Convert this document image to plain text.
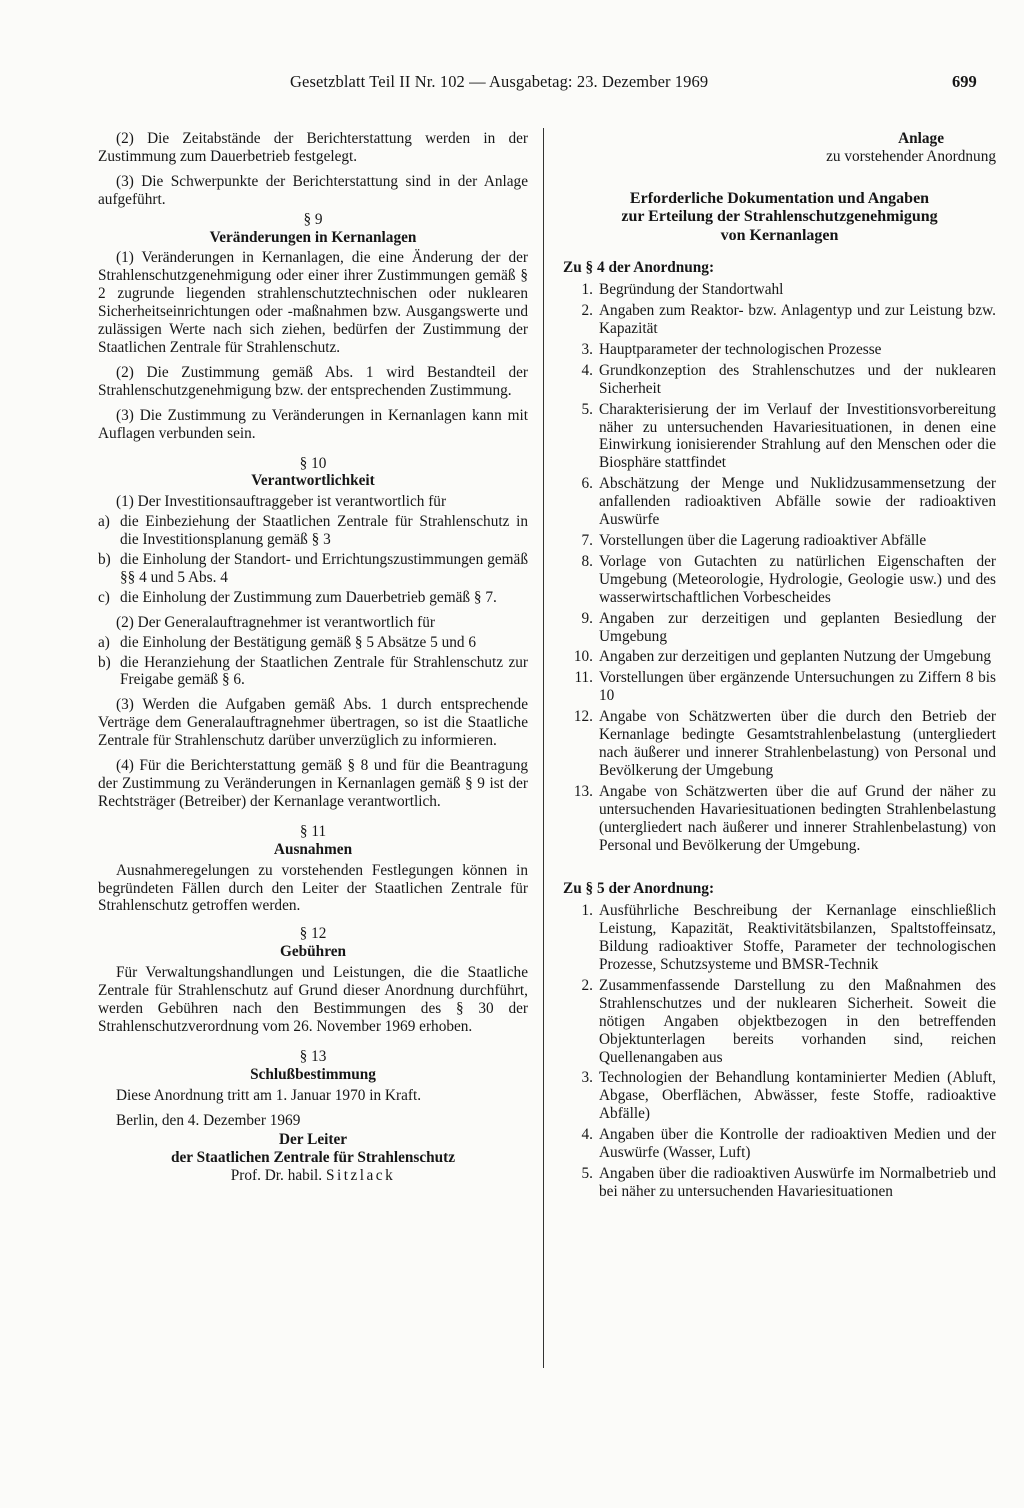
Gesetzblatt Teil II Nr. 102 — Ausgabetag: 23. Dezember 1969	699

(2) Die Zeitabstände der Berichterstattung werden in der Zustimmung zum Dauerbetrieb festgelegt.

(3) Die Schwerpunkte der Berichterstattung sind in der Anlage aufgeführt.

§ 9
Veränderungen in Kernanlagen

(1) Veränderungen in Kernanlagen, die eine Änderung der der Strahlenschutzgenehmigung oder einer ihrer Zustimmungen gemäß § 2 zugrunde liegenden strahlenschutztechnischen oder nuklearen Sicherheitseinrichtungen oder -maßnahmen bzw. Ausgangswerte und zulässigen Werte nach sich ziehen, bedürfen der Zustimmung der Staatlichen Zentrale für Strahlenschutz.

(2) Die Zustimmung gemäß Abs. 1 wird Bestandteil der Strahlenschutzgenehmigung bzw. der entsprechenden Zustimmung.

(3) Die Zustimmung zu Veränderungen in Kernanlagen kann mit Auflagen verbunden sein.

§ 10
Verantwortlichkeit

(1) Der Investitionsauftraggeber ist verantwortlich für

a) die Einbeziehung der Staatlichen Zentrale für Strahlenschutz in die Investitionsplanung gemäß § 3
b) die Einholung der Standort- und Errichtungszustimmungen gemäß §§ 4 und 5 Abs. 4
c) die Einholung der Zustimmung zum Dauerbetrieb gemäß § 7.

(2) Der Generalauftragnehmer ist verantwortlich für

a) die Einholung der Bestätigung gemäß § 5 Absätze 5 und 6
b) die Heranziehung der Staatlichen Zentrale für Strahlenschutz zur Freigabe gemäß § 6.

(3) Werden die Aufgaben gemäß Abs. 1 durch entsprechende Verträge dem Generalauftragnehmer übertragen, so ist die Staatliche Zentrale für Strahlenschutz darüber unverzüglich zu informieren.

(4) Für die Berichterstattung gemäß § 8 und für die Beantragung der Zustimmung zu Veränderungen in Kernanlagen gemäß § 9 ist der Rechtsträger (Betreiber) der Kernanlage verantwortlich.

§ 11
Ausnahmen

Ausnahmeregelungen zu vorstehenden Festlegungen können in begründeten Fällen durch den Leiter der Staatlichen Zentrale für Strahlenschutz getroffen werden.

§ 12
Gebühren

Für Verwaltungshandlungen und Leistungen, die die Staatliche Zentrale für Strahlenschutz auf Grund dieser Anordnung durchführt, werden Gebühren nach den Bestimmungen des § 30 der Strahlenschutzverordnung vom 26. November 1969 erhoben.

§ 13
Schlußbestimmung

Diese Anordnung tritt am 1. Januar 1970 in Kraft.

Berlin, den 4. Dezember 1969

Der Leiter
der Staatlichen Zentrale für Strahlenschutz
Prof. Dr. habil. Sitzlack
Anlage
zu vorstehender Anordnung
Erforderliche Dokumentation und Angaben
zur Erteilung der Strahlenschutzgenehmigung
von Kernanlagen
Zu § 4 der Anordnung:
1. Begründung der Standortwahl
2. Angaben zum Reaktor- bzw. Anlagentyp und zur Leistung bzw. Kapazität
3. Hauptparameter der technologischen Prozesse
4. Grundkonzeption des Strahlenschutzes und der nuklearen Sicherheit
5. Charakterisierung der im Verlauf der Investitionsvorbereitung näher zu untersuchenden Havariesituationen, in denen eine Einwirkung ionisierender Strahlung auf den Menschen oder die Biosphäre stattfindet
6. Abschätzung der Menge und Nuklidzusammensetzung der anfallenden radioaktiven Abfälle sowie der radioaktiven Auswürfe
7. Vorstellungen über die Lagerung radioaktiver Abfälle
8. Vorlage von Gutachten zu natürlichen Eigenschaften der Umgebung (Meteorologie, Hydrologie, Geologie usw.) und des wasserwirtschaftlichen Vorbescheides
9. Angaben zur derzeitigen und geplanten Besiedlung der Umgebung
10. Angaben zur derzeitigen und geplanten Nutzung der Umgebung
11. Vorstellungen über ergänzende Untersuchungen zu Ziffern 8 bis 10
12. Angabe von Schätzwerten über die durch den Betrieb der Kernanlage bedingte Gesamtstrahlenbelastung (untergliedert nach äußerer und innerer Strahlenbelastung) von Personal und Bevölkerung der Umgebung
13. Angabe von Schätzwerten über die auf Grund der näher zu untersuchenden Havariesituationen bedingten Strahlenbelastung (untergliedert nach äußerer und innerer Strahlenbelastung) von Personal und Bevölkerung der Umgebung.
Zu § 5 der Anordnung:
1. Ausführliche Beschreibung der Kernanlage einschließlich Leistung, Kapazität, Reaktivitätsbilanzen, Spaltstoffeinsatz, Bildung radioaktiver Stoffe, Parameter der technologischen Prozesse, Schutzsysteme und BMSR-Technik
2. Zusammenfassende Darstellung zu den Maßnahmen des Strahlenschutzes und der nuklearen Sicherheit. Soweit die nötigen Angaben objektbezogen in den betreffenden Objektunterlagen bereits vorhanden sind, reichen Quellenangaben aus
3. Technologien der Behandlung kontaminierter Medien (Abluft, Abgase, Oberflächen, Abwässer, feste Stoffe, radioaktive Abfälle)
4. Angaben über die Kontrolle der radioaktiven Medien und der Auswürfe (Wasser, Luft)
5. Angaben über die radioaktiven Auswürfe im Normalbetrieb und bei näher zu untersuchenden Havariesituationen
